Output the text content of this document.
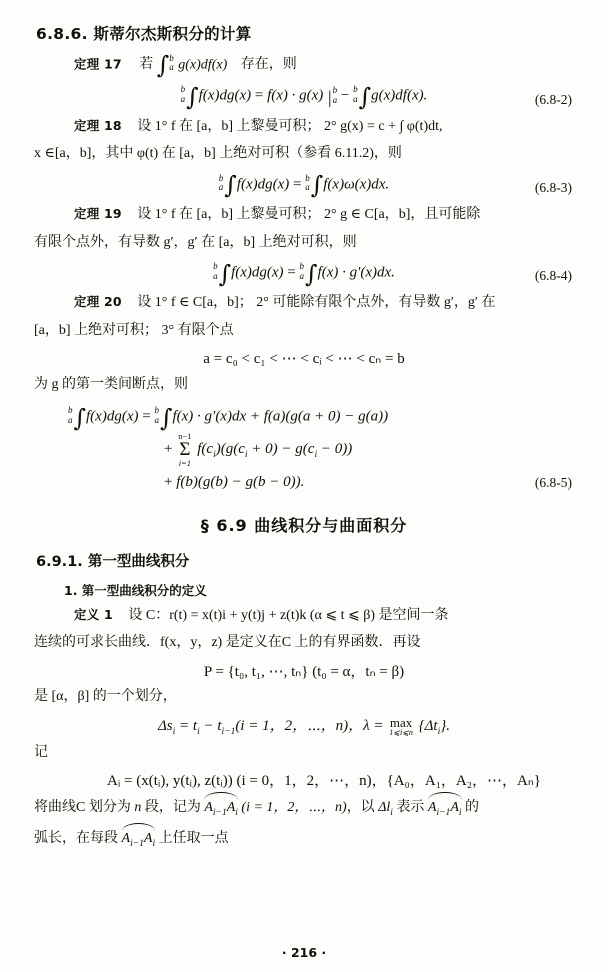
6.8.6. 斯蒂尔杰斯积分的计算
定理 17 若 ∫ b
a g(x)df(x) 存在，则
b
a ∫f(x)dg(x) = f(x) · g(x) | b
a − b
a ∫g(x)df(x).	(6.8-2)
定理 18 设 1° f 在 [a，b] 上黎曼可积； 2° g(x) = c + ∫ φ(t)dt,
x ∈[a，b]，其中 φ(t) 在 [a，b] 上绝对可积（参看 6.11.2)，则
b
a ∫f(x)dg(x) = b
a ∫f(x)ω(x)dx.	(6.8-3)
定理 19 设 1° f 在 [a，b] 上黎曼可积； 2° g ∈ C[a，b]，且可能除
有限个点外，有导数 g′，g′ 在 [a，b] 上绝对可积，则
b
a ∫f(x)dg(x) = b
a ∫f(x) · g′(x)dx.	(6.8-4)
定理 20 设 1° f ∈ C[a，b]； 2° 可能除有限个点外，有导数 g′，g′ 在
[a，b] 上绝对可积； 3° 有限个点
a = c₀ < c₁ < ⋯ < cᵢ < ⋯ < cₙ = b
为 g 的第一类间断点，则
b
a ∫f(x)dg(x) = b
a ∫f(x) · g′(x)dx + f(a)(g(a + 0) − g(a))
+
n−1
Σ
i=1
$f(c_i)(g(c_i + 0) - g(c_i - 0))$
+ f(b)(g(b) − g(b − 0)).	(6.8-5)
§ 6.9 曲线积分与曲面积分
6.9.1. 第一型曲线积分
1. 第一型曲线积分的定义
定义 1 设 C：r(t) = x(t)i + y(t)j + z(t)k (α ⩽ t ⩽ β) 是空间一条
连续的可求长曲线．f(x，y，z) 是定义在C 上的有界函数．再设
P = {t₀, t₁, ⋯, tₙ} (t₀ = α，tₙ = β)
是 [α，β] 的一个划分，
$\Delta s_i = t_i - t_{i-1}(i = 1$，2，⋯，n)，λ = max
1⩽i⩽n $\{\Delta t_i\}$.
记
Aᵢ = (x(tᵢ), y(tᵢ), z(tᵢ)) (i = 0，1，2，⋯，n)，{A₀，A₁，A₂，⋯，Aₙ}
将曲线C 划分为 n 段，记为 $A_{i-1}A_i$ (i = 1，2，⋯，n)，以 $\Delta l_i$ 表示 $A_{i-1}A_i$ 的
弧长，在每段 $A_{i-1}A_i$ 上任取一点
· 216 ·
